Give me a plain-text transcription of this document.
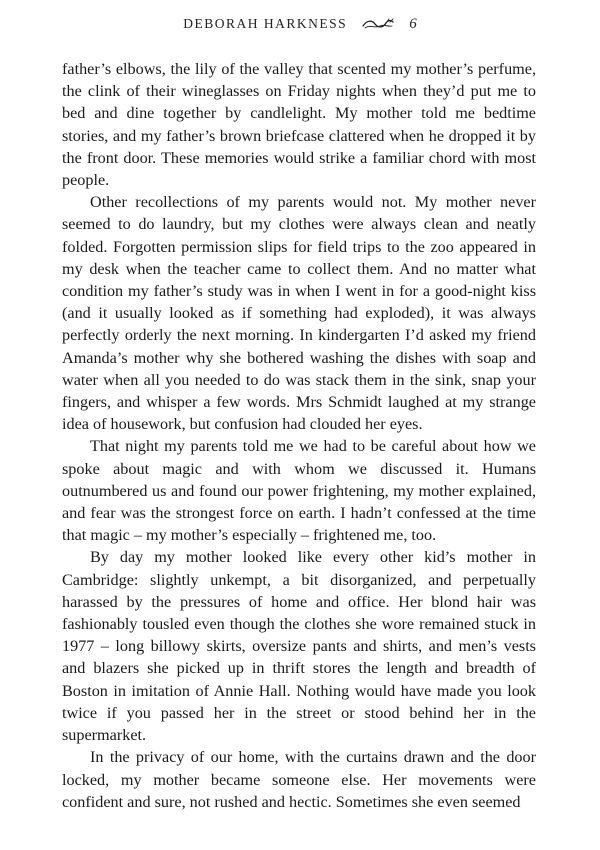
DEBORAH HARKNESS	6

father’s elbows, the lily of the valley that scented my mother’s perfume, the clink of their wineglasses on Friday nights when they’d put me to bed and dine together by candlelight. My mother told me bedtime stories, and my father’s brown briefcase clattered when he dropped it by the front door. These memories would strike a familiar chord with most people.

Other recollections of my parents would not. My mother never seemed to do laundry, but my clothes were always clean and neatly folded. Forgotten permission slips for field trips to the zoo appeared in my desk when the teacher came to collect them. And no matter what condition my father’s study was in when I went in for a good-night kiss (and it usually looked as if something had exploded), it was always perfectly orderly the next morning. In kindergarten I’d asked my friend Amanda’s mother why she bothered washing the dishes with soap and water when all you needed to do was stack them in the sink, snap your fingers, and whisper a few words. Mrs Schmidt laughed at my strange idea of housework, but confusion had clouded her eyes.

That night my parents told me we had to be careful about how we spoke about magic and with whom we discussed it. Humans outnumbered us and found our power frightening, my mother explained, and fear was the strongest force on earth. I hadn’t confessed at the time that magic – my mother’s especially – frightened me, too.

By day my mother looked like every other kid’s mother in Cambridge: slightly unkempt, a bit disorganized, and perpetually harassed by the pressures of home and office. Her blond hair was fashionably tousled even though the clothes she wore remained stuck in 1977 – long billowy skirts, oversize pants and shirts, and men’s vests and blazers she picked up in thrift stores the length and breadth of Boston in imitation of Annie Hall. Nothing would have made you look twice if you passed her in the street or stood behind her in the supermarket.

In the privacy of our home, with the curtains drawn and the door locked, my mother became someone else. Her movements were confident and sure, not rushed and hectic. Sometimes she even seemed
